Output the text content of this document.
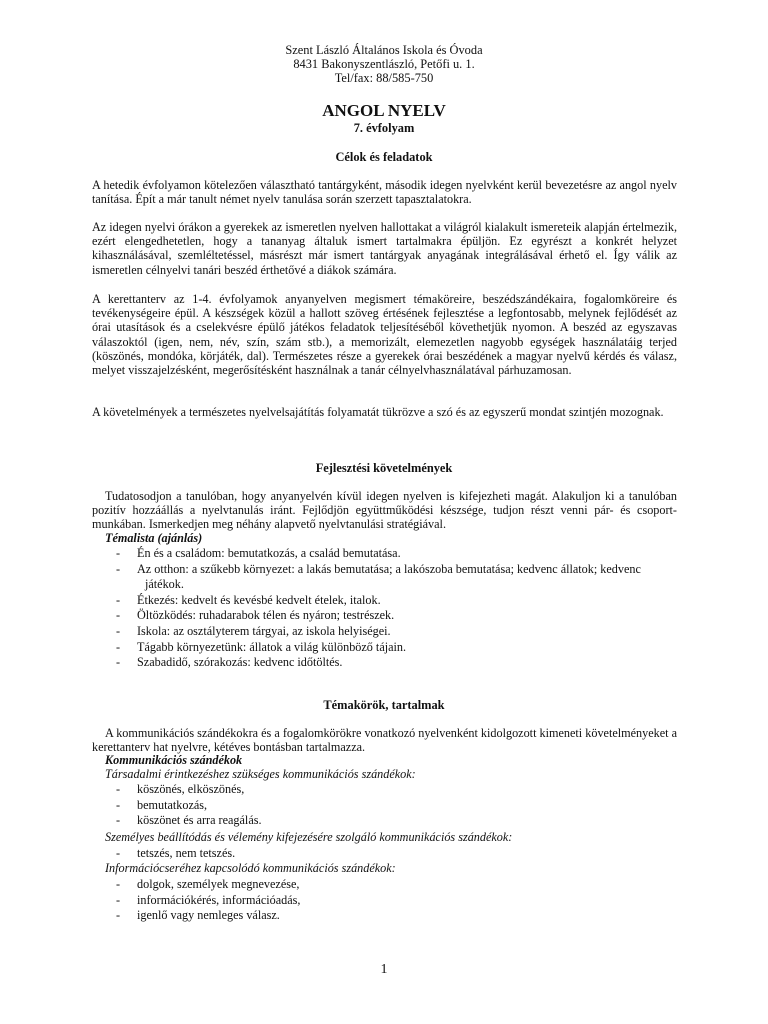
Szent László Általános Iskola és Óvoda
8431 Bakonyszentlászló, Petőfi u. 1.
Tel/fax: 88/585-750
ANGOL NYELV
7. évfolyam
Célok és feladatok
A hetedik évfolyamon kötelezően választható tantárgyként, második idegen nyelvként kerül bevezetésre az angol nyelv tanítása. Épít a már tanult német nyelv tanulása során szerzett tapasztalatokra.
Az idegen nyelvi órákon a gyerekek az ismeretlen nyelven hallottakat a világról kialakult ismereteik alapján értelmezik, ezért elengedhetetlen, hogy a tananyag általuk ismert tartalmakra épüljön. Ez egyrészt a konkrét helyzet kihasználásával, szemléltetéssel, másrészt már ismert tantárgyak anyagának integrálásával érhető el. Így válik az ismeretlen célnyelvi tanári beszéd érthetővé a diákok számára.
A kerettanterv az 1-4. évfolyamok anyanyelven megismert témaköreire, beszédszándékaira, fogalomköreire és tevékenységeire épül. A készségek közül a hallott szöveg értésének fejlesztése a legfontosabb, melynek fejlődését az órai utasítások és a cselekvésre épülő játékos feladatok teljesítéséből követhetjük nyomon. A beszéd az egyszavas válaszoktól (igen, nem, név, szín, szám stb.), a memorizált, elemezetlen nagyobb egységek használatáig terjed (köszönés, mondóka, körjáték, dal). Természetes része a gyerekek órai beszédének a magyar nyelvű kérdés és válasz, melyet visszajelzésként, megerősítésként használnak a tanár célnyelvhasználatával párhuzamosan.
A követelmények a természetes nyelvelsajátítás folyamatát tükrözve a szó és az egyszerű mondat szintjén mozognak.
Fejlesztési követelmények
Tudatosodjon a tanulóban, hogy anyanyelvén kívül idegen nyelven is kifejezheti magát. Alakuljon ki a tanulóban pozitív hozzáállás a nyelvtanulás iránt. Fejlődjön együttműködési készsége, tudjon részt venni pár- és csoport-munkában. Ismerkedjen meg néhány alapvető nyelvtanulási stratégiával.
Témalista (ajánlás)
- Én és a családom: bemutatkozás, a család bemutatása.
- Az otthon: a szűkebb környezet: a lakás bemutatása; a lakószoba bemutatása; kedvenc állatok; kedvenc
játékok.
- Étkezés: kedvelt és kevésbé kedvelt ételek, italok.
- Öltözködés: ruhadarabok télen és nyáron; testrészek.
- Iskola: az osztályterem tárgyai, az iskola helyiségei.
- Tágabb környezetünk: állatok a világ különböző tájain.
- Szabadidő, szórakozás: kedvenc időtöltés.
Témakörök, tartalmak
A kommunikációs szándékokra és a fogalomkörökre vonatkozó nyelvenként kidolgozott kimeneti követelményeket a kerettanterv hat nyelvre, kétéves bontásban tartalmazza.
Kommunikációs szándékok
Társadalmi érintkezéshez szükséges kommunikációs szándékok:
- köszönés, elköszönés,
- bemutatkozás,
- köszönet és arra reagálás.
Személyes beállítódás és vélemény kifejezésére szolgáló kommunikációs szándékok:
- tetszés, nem tetszés.
Információcseréhez kapcsolódó kommunikációs szándékok:
- dolgok, személyek megnevezése,
- információkérés, információadás,
- igenlő vagy nemleges válasz.
1
